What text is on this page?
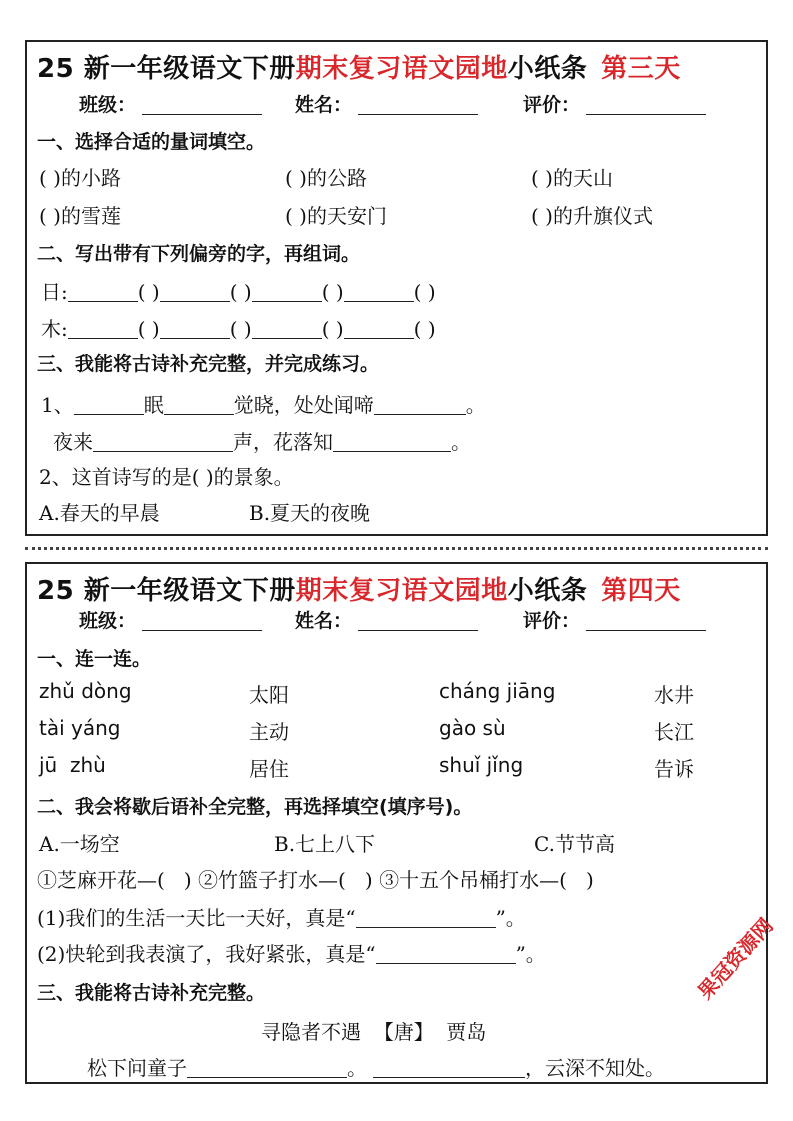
25 新一年级语文下册期末复习语文园地小纸条 第三天
班级：	姓名：	评价：
一、选择合适的量词填空。
( )的小路	( )的公路	( )的天山
( )的雪莲	( )的天安门	( )的升旗仪式
二、写出带有下列偏旁的字，再组词。
日:	( )	( )	( )	( )
木:	( )	( )	( )	( )
三、我能将古诗补充完整，并完成练习。
1、	眠	觉晓，处处闻啼	。
夜来	声，花落知	。
2、这首诗写的是( )的景象。
A.春天的早晨	B.夏天的夜晚
25 新一年级语文下册期末复习语文园地小纸条 第四天
班级：	姓名：	评价：
一、连一连。
zhǔ dòng	太阳	cháng jiāng	水井
tài yáng	主动	gào sù	长江
jū  zhù	居住	shuǐ jǐng	告诉
二、我会将歇后语补全完整，再选择填空(填序号)。
A.一场空	B.七上八下	C.节节高
①芝麻开花—(   ) ②竹篮子打水—(   ) ③十五个吊桶打水—(   )
(1)我们的生活一天比一天好，真是“	”。
(2)快轮到我表演了，我好紧张，真是“	”。
三、我能将古诗补充完整。
寻隐者不遇  【唐】  贾岛
松下问童子	。	，云深不知处。
果冠资源网
